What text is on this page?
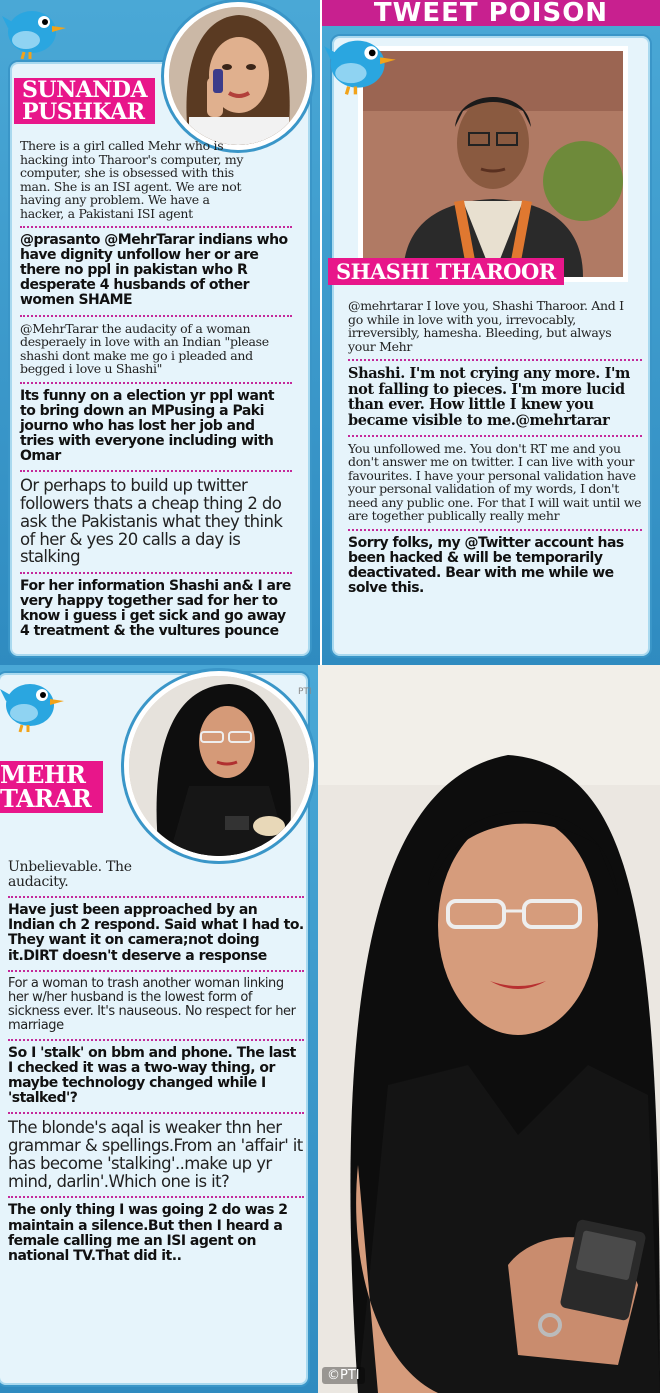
SUNANDA
PUSHKAR
There is a girl called Mehr who is hacking into Tharoor's computer, my computer, she is obsessed with this man. She is an ISI agent. We are not having any problem. We have a hacker, a Pakistani ISI agent
@prasanto @MehrTarar indians who have dignity unfollow her or are there no ppl in pakistan who R desperate 4 husbands of other women SHAME
@MehrTarar the audacity of a woman desperaely in love with an Indian "please shashi dont make me go i pleaded and begged i love u Shashi"
Its funny on a election yr ppl want to bring down an MPusing a Paki journo who has lost her job and tries with everyone including with Omar
Or perhaps to build up twitter followers thats a cheap thing 2 do ask the Pakistanis what they think of her & yes 20 calls a day is stalking
For her information Shashi an& I are very happy together sad for her to know i guess i get sick and go away 4 treatment & the vultures pounce
TWEET POISON
SHASHI THAROOR
@mehrtarar I love you, Shashi Tharoor. And I go while in love with you, irrevocably, irreversibly, hamesha. Bleeding, but always your Mehr
Shashi. I'm not crying any more. I'm not falling to pieces. I'm more lucid than ever. How little I knew you became visible to me.@mehrtarar
You unfollowed me. You don't RT me and you don't answer me on twitter. I can live with your favourites. I have your personal validation have your personal validation of my words, I don't need any public one. For that I will wait until we are together publically really mehr
Sorry folks, my @Twitter account has been hacked & will be temporarily deactivated. Bear with me while we solve this.
PTI
MEHR
TARAR
Unbelievable. The audacity.
Have just been approached by an Indian ch 2 respond. Said what I had to. They want it on camera;not doing it.DIRT doesn't deserve a response
For a woman to trash another woman linking her w/her husband is the lowest form of sickness ever. It's nauseous. No respect for her marriage
So I 'stalk' on bbm and phone. The last I checked it was a two-way thing, or maybe technology changed while I 'stalked'?
The blonde's aqal is weaker thn her grammar & spellings.From an 'affair' it has become 'stalking'..make up yr mind, darlin'.Which one is it?
The only thing I was going 2 do was 2 maintain a silence.But then I heard a female calling me an ISI agent on national TV.That did it..
©PTI
